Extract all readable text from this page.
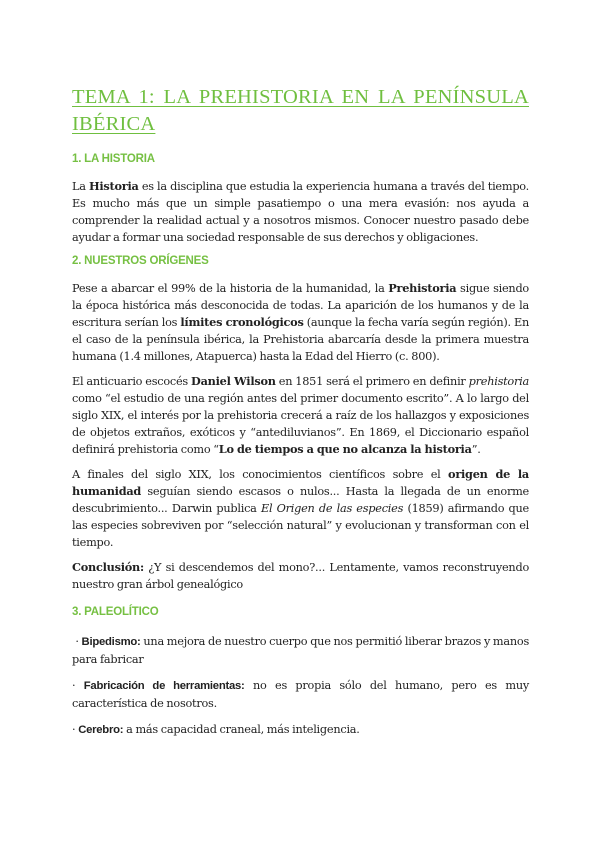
TEMA 1: LA PREHISTORIA EN LA PENÍNSULA IBÉRICA
1. LA HISTORIA

La Historia es la disciplina que estudia la experiencia humana a través del tiempo. Es mucho más que un simple pasatiempo o una mera evasión: nos ayuda a comprender la realidad actual y a nosotros mismos. Conocer nuestro pasado debe ayudar a formar una sociedad responsable de sus derechos y obligaciones.

2. NUESTROS ORÍGENES

Pese a abarcar el 99% de la historia de la humanidad, la Prehistoria sigue siendo la época histórica más desconocida de todas. La aparición de los humanos y de la escritura serían los límites cronológicos (aunque la fecha varía según región). En el caso de la península ibérica, la Prehistoria abarcaría desde la primera muestra humana (1.4 millones, Atapuerca) hasta la Edad del Hierro (c. 800).

El anticuario escocés Daniel Wilson en 1851 será el primero en definir prehistoria como “el estudio de una región antes del primer documento escrito”. A lo largo del siglo XIX, el interés por la prehistoria crecerá a raíz de los hallazgos y exposiciones de objetos extraños, exóticos y “antediluvianos”. En 1869, el Diccionario español definirá prehistoria como “Lo de tiempos a que no alcanza la historia”.

A finales del siglo XIX, los conocimientos científicos sobre el origen de la humanidad seguían siendo escasos o nulos... Hasta la llegada de un enorme descubrimiento... Darwin publica El Origen de las especies (1859) afirmando que las especies sobreviven por “selección natural” y evolucionan y transforman con el tiempo.

Conclusión: ¿Y si descendemos del mono?... Lentamente, vamos reconstruyendo nuestro gran árbol genealógico

3. PALEOLÍTICO

· Bipedismo: una mejora de nuestro cuerpo que nos permitió liberar brazos y manos para fabricar

· Fabricación de herramientas: no es propia sólo del humano, pero es muy característica de nosotros.

· Cerebro: a más capacidad craneal, más inteligencia.
